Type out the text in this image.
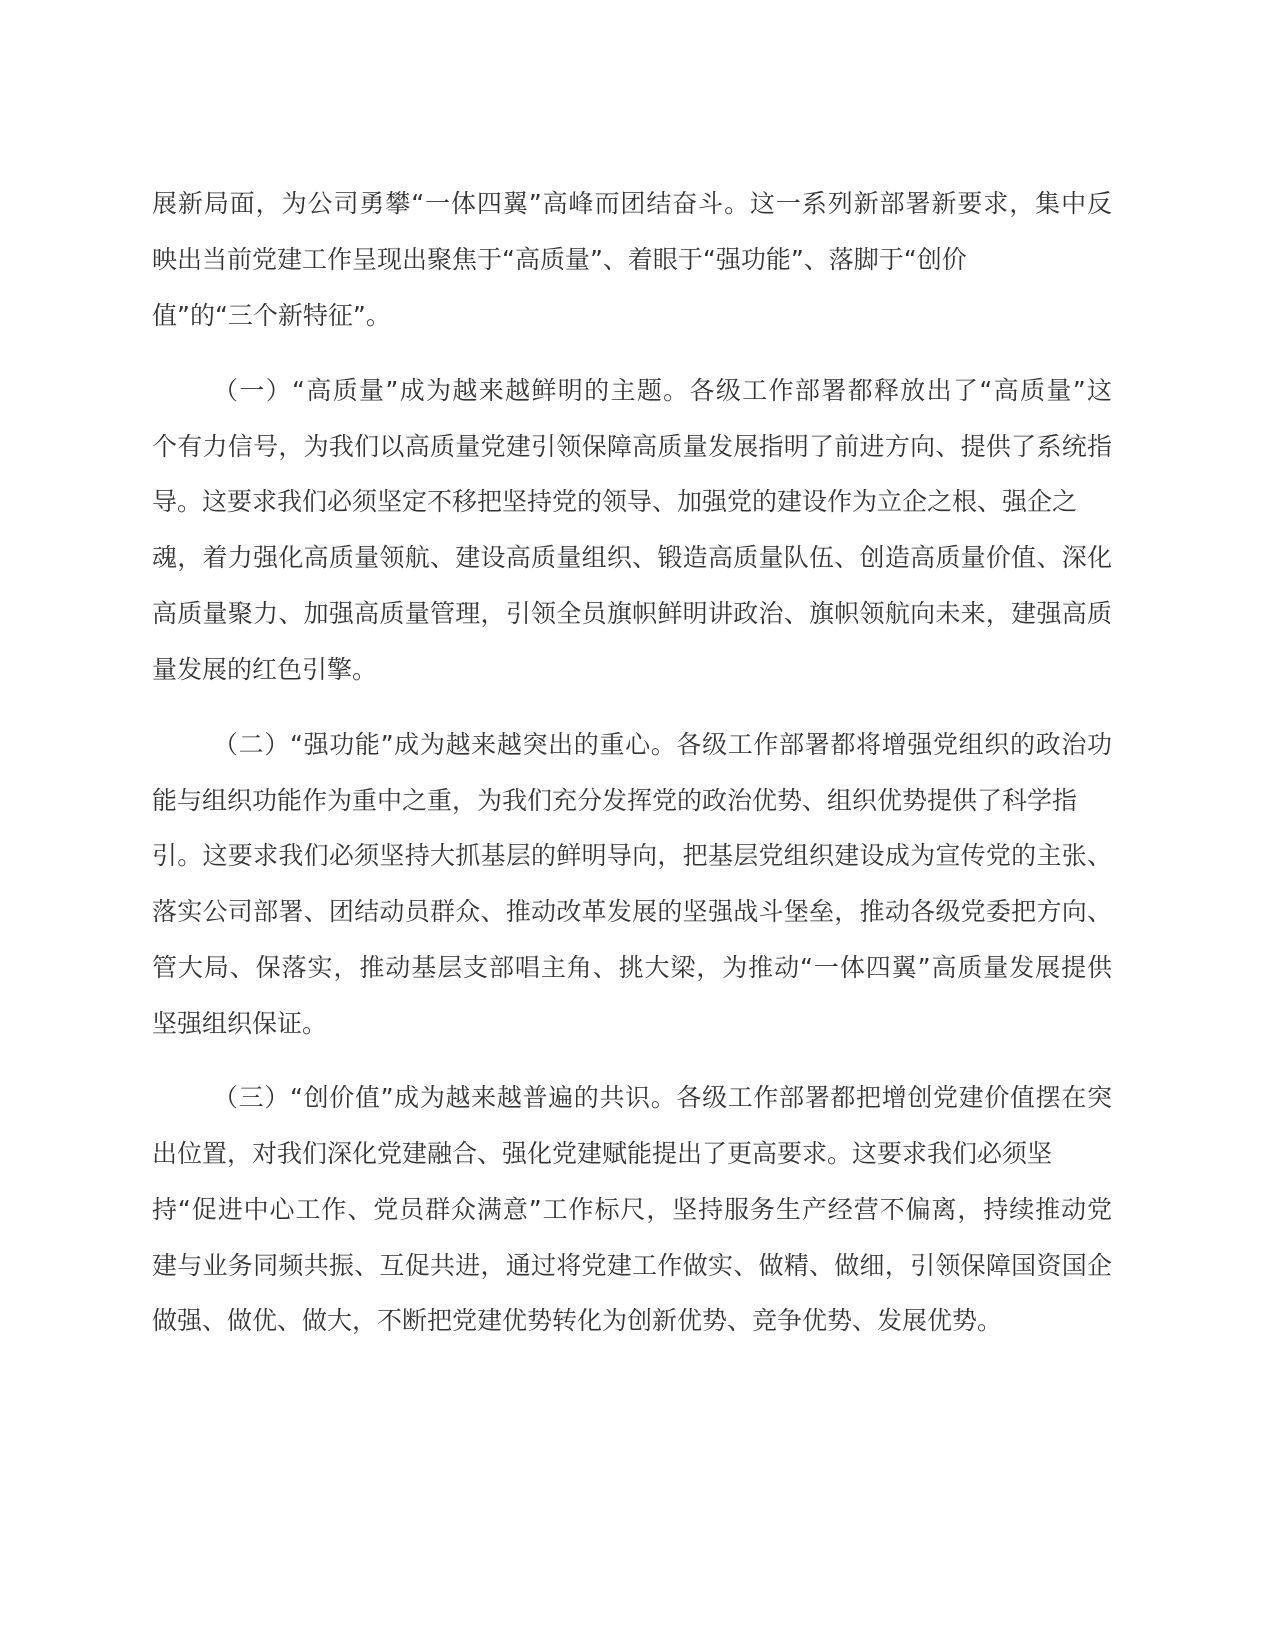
展新局面，为公司勇攀“一体四翼”高峰而团结奋斗。这一系列新部署新要求，集中反
映出当前党建工作呈现出聚焦于“高质量”、着眼于“强功能”、落脚于“创价
值”的“三个新特征”。
（一）“高质量”成为越来越鲜明的主题。各级工作部署都释放出了“高质量”这
个有力信号，为我们以高质量党建引领保障高质量发展指明了前进方向、提供了系统指
导。这要求我们必须坚定不移把坚持党的领导、加强党的建设作为立企之根、强企之
魂，着力强化高质量领航、建设高质量组织、锻造高质量队伍、创造高质量价值、深化
高质量聚力、加强高质量管理，引领全员旗帜鲜明讲政治、旗帜领航向未来，建强高质
量发展的红色引擎。
（二）“强功能”成为越来越突出的重心。各级工作部署都将增强党组织的政治功
能与组织功能作为重中之重，为我们充分发挥党的政治优势、组织优势提供了科学指
引。这要求我们必须坚持大抓基层的鲜明导向，把基层党组织建设成为宣传党的主张、
落实公司部署、团结动员群众、推动改革发展的坚强战斗堡垒，推动各级党委把方向、
管大局、保落实，推动基层支部唱主角、挑大梁，为推动“一体四翼”高质量发展提供
坚强组织保证。
（三）“创价值”成为越来越普遍的共识。各级工作部署都把增创党建价值摆在突
出位置，对我们深化党建融合、强化党建赋能提出了更高要求。这要求我们必须坚
持“促进中心工作、党员群众满意”工作标尺，坚持服务生产经营不偏离，持续推动党
建与业务同频共振、互促共进，通过将党建工作做实、做精、做细，引领保障国资国企
做强、做优、做大，不断把党建优势转化为创新优势、竞争优势、发展优势。
